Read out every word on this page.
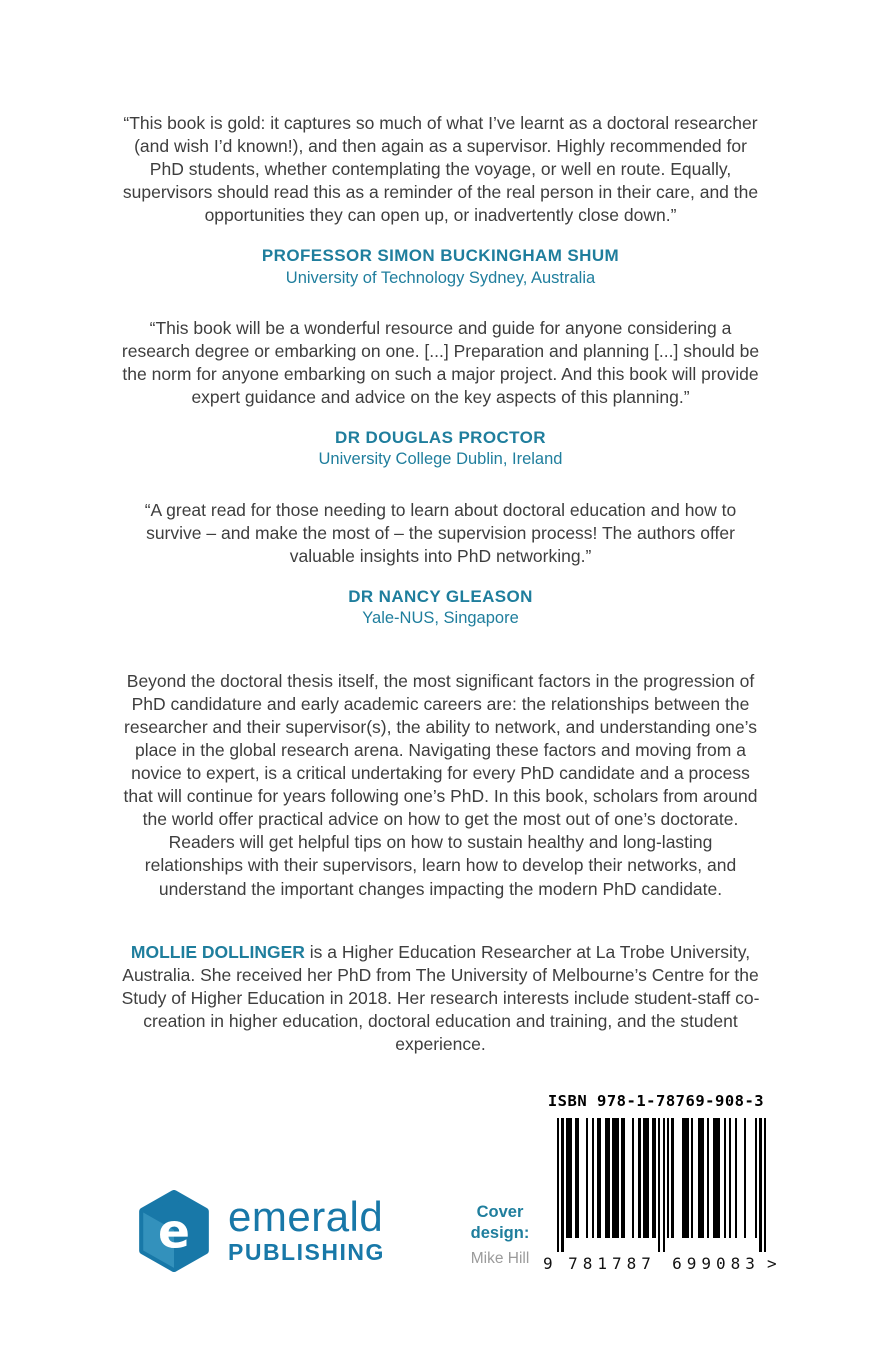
“This book is gold: it captures so much of what I’ve learnt as a doctoral researcher (and wish I’d known!), and then again as a supervisor. Highly recommended for PhD students, whether contemplating the voyage, or well en route. Equally, supervisors should read this as a reminder of the real person in their care, and the opportunities they can open up, or inadvertently close down.”

PROFESSOR SIMON BUCKINGHAM SHUM

University of Technology Sydney, Australia

“This book will be a wonderful resource and guide for anyone considering a research degree or embarking on one. [...] Preparation and planning [...] should be the norm for anyone embarking on such a major project. And this book will provide expert guidance and advice on the key aspects of this planning.”

DR DOUGLAS PROCTOR

University College Dublin, Ireland

“A great read for those needing to learn about doctoral education and how to survive – and make the most of – the supervision process! The authors offer valuable insights into PhD networking.”

DR NANCY GLEASON

Yale-NUS, Singapore

Beyond the doctoral thesis itself, the most significant factors in the progression of PhD candidature and early academic careers are: the relationships between the researcher and their supervisor(s), the ability to network, and understanding one’s place in the global research arena. Navigating these factors and moving from a novice to expert, is a critical undertaking for every PhD candidate and a process that will continue for years following one’s PhD. In this book, scholars from around the world offer practical advice on how to get the most out of one’s doctorate. Readers will get helpful tips on how to sustain healthy and long-lasting relationships with their supervisors, learn how to develop their networks, and understand the important changes impacting the modern PhD candidate.

MOLLIE DOLLINGER is a Higher Education Researcher at La Trobe University, Australia. She received her PhD from The University of Melbourne’s Centre for the Study of Higher Education in 2018. Her research interests include student-staff co-creation in higher education, doctoral education and training, and the student experience.

e emerald
PUBLISHING
Cover design:
Mike Hill
ISBN 978-1-78769-908-3
9 781787 699083 >
